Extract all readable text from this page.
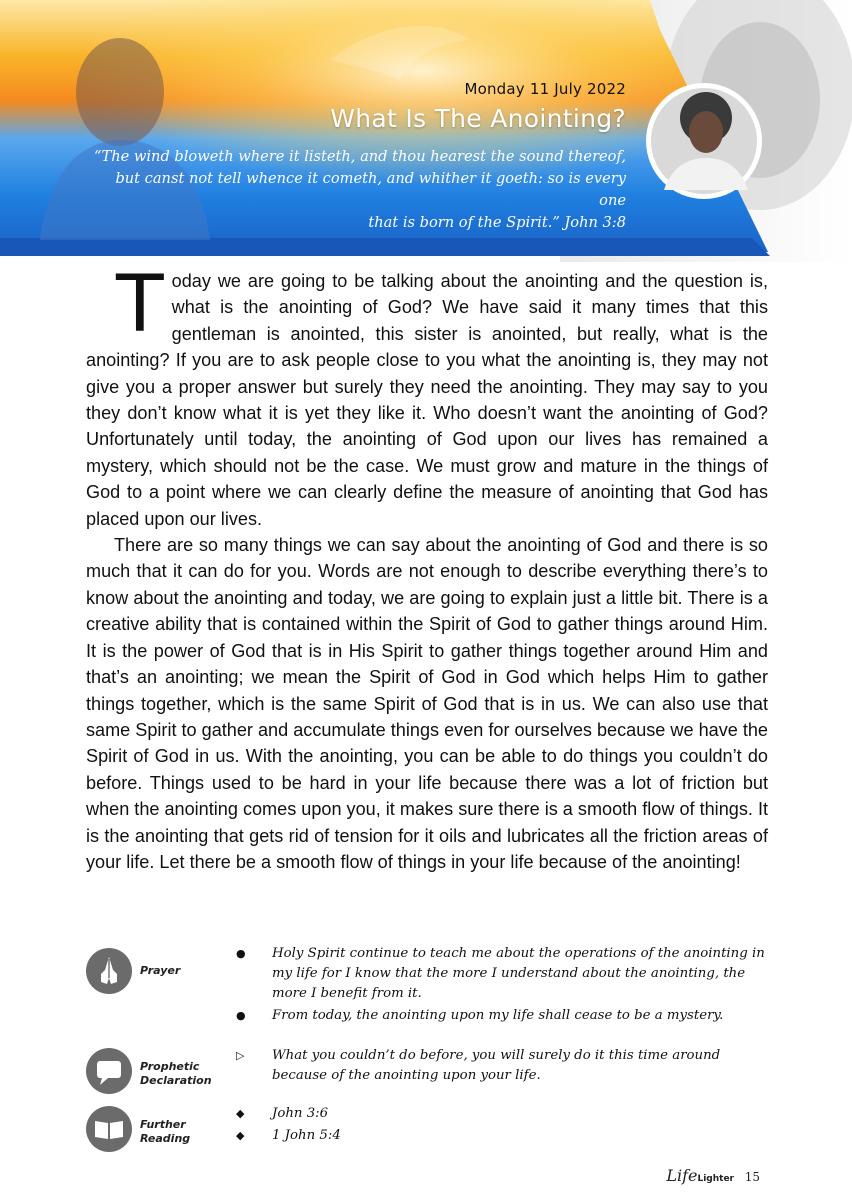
Monday 11 July 2022
What Is The Anointing?
“The wind bloweth where it listeth, and thou hearest the sound thereof,
but canst not tell whence it cometh, and whither it goeth: so is every one
that is born of the Spirit.” John 3:8

Today we are going to be talking about the anointing and the question is, what is the anointing of God? We have said it many times that this gentleman is anointed, this sister is anointed, but really, what is the anointing? If you are to ask people close to you what the anointing is, they may not give you a proper answer but surely they need the anointing. They may say to you they don’t know what it is yet they like it. Who doesn’t want the anointing of God? Unfortunately until today, the anointing of God upon our lives has remained a mystery, which should not be the case. We must grow and mature in the things of God to a point where we can clearly define the measure of anointing that God has placed upon our lives.

There are so many things we can say about the anointing of God and there is so much that it can do for you. Words are not enough to describe everything there’s to know about the anointing and today, we are going to explain just a little bit. There is a creative ability that is contained within the Spirit of God to gather things around Him. It is the power of God that is in His Spirit to gather things together around Him and that’s an anointing; we mean the Spirit of God in God which helps Him to gather things together, which is the same Spirit of God that is in us. We can also use that same Spirit to gather and accumulate things even for ourselves because we have the Spirit of God in us. With the anointing, you can be able to do things you couldn’t do before. Things used to be hard in your life because there was a lot of friction but when the anointing comes upon you, it makes sure there is a smooth flow of things. It is the anointing that gets rid of tension for it oils and lubricates all the friction areas of your life. Let there be a smooth flow of things in your life because of the anointing!

Prayer
● Holy Spirit continue to teach me about the operations of the anointing in my life for I know that the more I understand about the anointing, the more I benefit from it.
● From today, the anointing upon my life shall cease to be a mystery.
Prophetic
Declaration
▷ What you couldn’t do before, you will surely do it this time around because of the anointing upon your life.
Further
Reading
◆ John 3:6
◆ 1 John 5:4
LifeLighter 15
